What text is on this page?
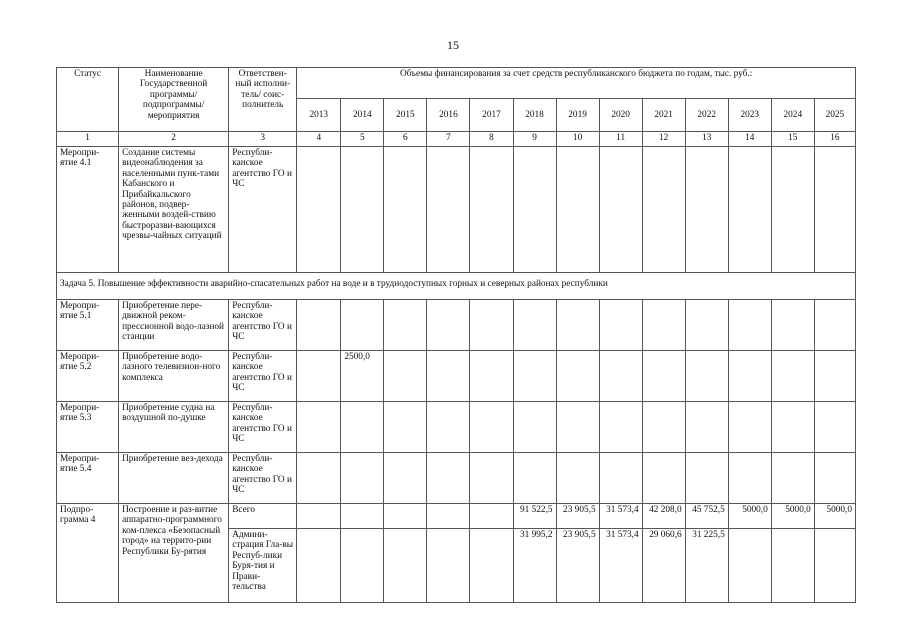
15
Статус	Наименование Государственной программы/ подпрограммы/ мероприятия	Ответствен-ный исполни-тель/ соис-полнитель	Объемы финансирования за счет средств республиканского бюджета по годам, тыс. руб.:												
			2013	2014	2015	2016	2017	2018	2019	2020	2021	2022	2023	2024	2025
1	2	3	4	5	6	7	8	9	10	11	12	13	14	15	16
Меропри-ятие 4.1	Создание системы видеонаблюдения за населенными пунк-тами Кабанского и Прибайкальского районов, подвер-женными воздей-ствию быстроразви-вающихся чрезвы-чайных ситуаций	Республи-канское агентство ГО и ЧС													
Задача 5. Повышение эффективности аварийно-спасательных работ на воде и в труднодоступных горных и северных районах республики															
Меропри-ятие 5.1	Приобретение пере-движной реком-прессионной водо-лазной станции	Республи-канское агентство ГО и ЧС													
Меропри-ятие 5.2	Приобретение водо-лазного телевизион-ного комплекса	Республи-канское агентство ГО и ЧС		2500,0											
Меропри-ятие 5.3	Приобретение судна на воздушной по-душке	Республи-канское агентство ГО и ЧС													
Меропри-ятие 5.4	Приобретение вез-дехода	Республи-канское агентство ГО и ЧС													
Подпро-грамма 4	Построение и раз-витие аппаратно-программного ком-плекса «Безопасный город» на террито-рии Республики Бу-рятия	Всего						91 522,5	23 905,5	31 573,4	42 208,0	45 752,5	5000,0	5000,0	5000,0
		Админи-страция Гла-вы Респуб-лики Буря-тия и Прави-тельства						31 995,2	23 905,5	31 573,4	29 060,6	31 225,5			
